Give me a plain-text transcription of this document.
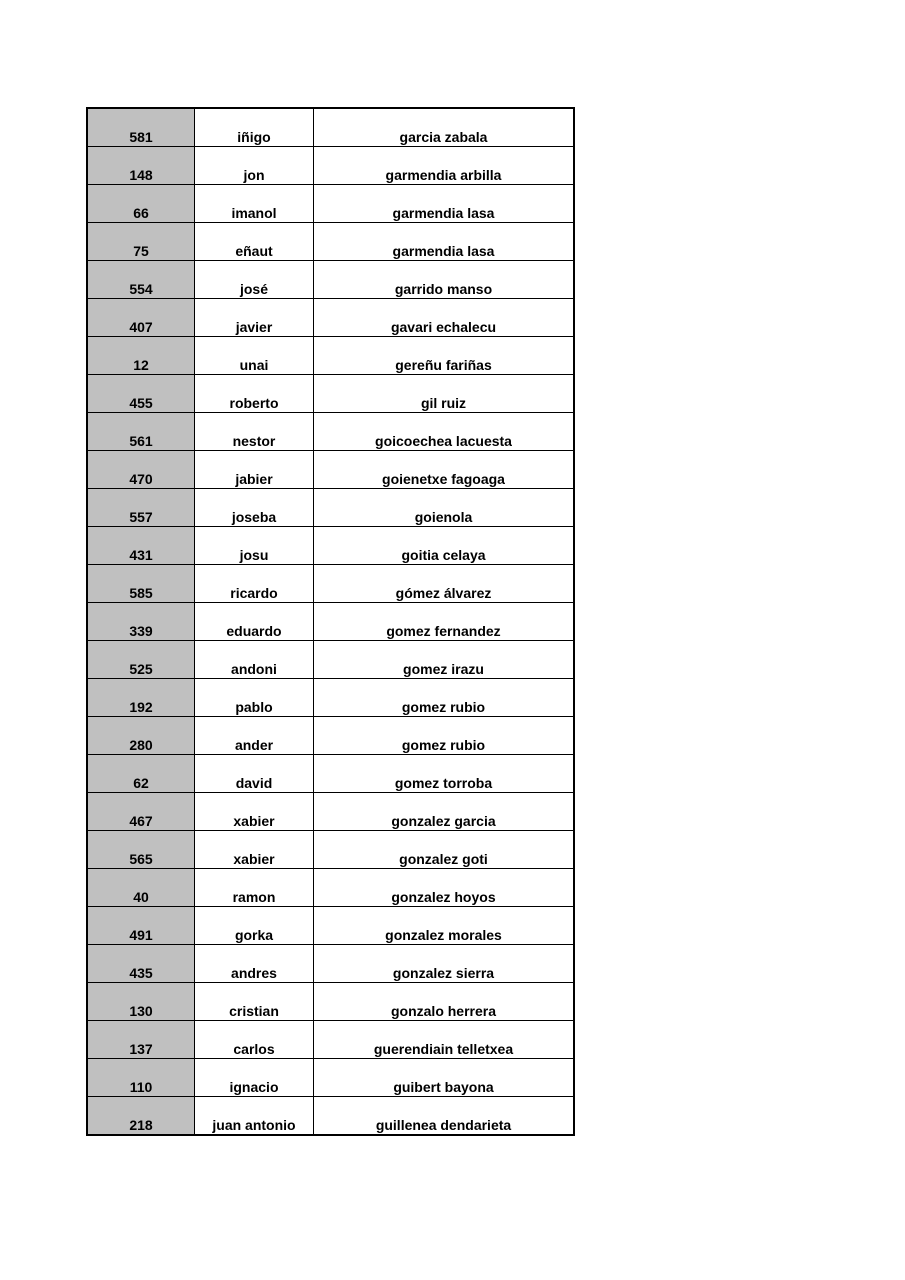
581	iñigo	garcia zabala
148	jon	garmendia arbilla
66	imanol	garmendia lasa
75	eñaut	garmendia lasa
554	josé	garrido manso
407	javier	gavari echalecu
12	unai	gereñu fariñas
455	roberto	gil ruiz
561	nestor	goicoechea lacuesta
470	jabier	goienetxe fagoaga
557	joseba	goienola
431	josu	goitia celaya
585	ricardo	gómez álvarez
339	eduardo	gomez fernandez
525	andoni	gomez irazu
192	pablo	gomez rubio
280	ander	gomez rubio
62	david	gomez torroba
467	xabier	gonzalez garcia
565	xabier	gonzalez goti
40	ramon	gonzalez hoyos
491	gorka	gonzalez morales
435	andres	gonzalez sierra
130	cristian	gonzalo herrera
137	carlos	guerendiain telletxea
110	ignacio	guibert bayona
218	juan antonio	guillenea dendarieta
